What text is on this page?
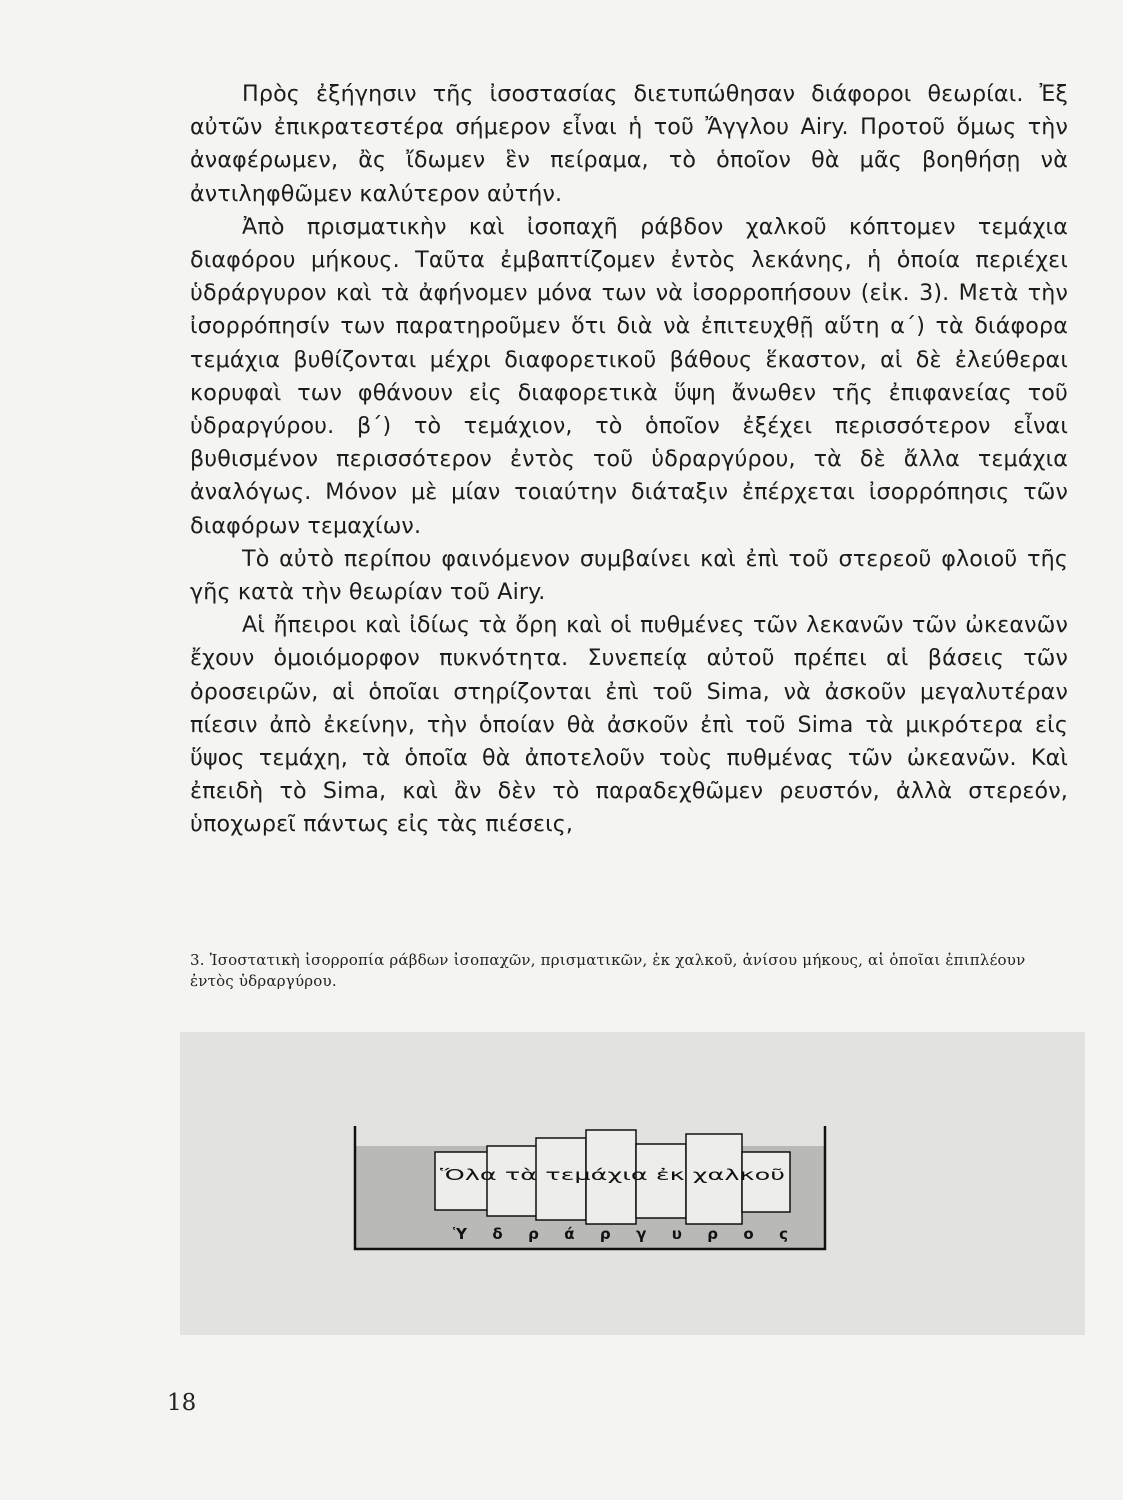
Πρὸς ἐξήγησιν τῆς ἰσοστασίας διετυπώθησαν διάφοροι θεωρίαι. Ἐξ αὐτῶν ἐπικρατεστέρα σήμερον εἶναι ἡ τοῦ Ἄγγλου Airy. Προτοῦ ὅμως τὴν ἀναφέρωμεν, ἂς ἴδωμεν ἓν πείραμα, τὸ ὁποῖον θὰ μᾶς βοηθήσῃ νὰ ἀντιληφθῶμεν καλύτερον αὐτήν.

Ἀπὸ πρισματικὴν καὶ ἰσοπαχῆ ράβδον χαλκοῦ κόπτομεν τεμάχια διαφόρου μήκους. Ταῦτα ἐμβαπτίζομεν ἐντὸς λεκάνης, ἡ ὁποία περιέχει ὑδράργυρον καὶ τὰ ἀφήνομεν μόνα των νὰ ἰσορροπήσουν (εἰκ. 3). Μετὰ τὴν ἰσορρόπησίν των παρατηροῦμεν ὅτι διὰ νὰ ἐπιτευχθῇ αὕτη α΄) τὰ διάφορα τεμάχια βυθίζονται μέχρι διαφορετικοῦ βάθους ἕκαστον, αἱ δὲ ἐλεύθεραι κορυφαὶ των φθάνουν εἰς διαφορετικὰ ὕψη ἄνωθεν τῆς ἐπιφανείας τοῦ ὑδραργύρου. β΄) τὸ τεμάχιον, τὸ ὁποῖον ἐξέχει περισσότερον εἶναι βυθισμένον περισσότερον ἐντὸς τοῦ ὑδραργύρου, τὰ δὲ ἄλλα τεμάχια ἀναλόγως. Μόνον μὲ μίαν τοιαύτην διάταξιν ἐπέρχεται ἰσορρόπησις τῶν διαφόρων τεμαχίων.

Τὸ αὐτὸ περίπου φαινόμενον συμβαίνει καὶ ἐπὶ τοῦ στερεοῦ φλοιοῦ τῆς γῆς κατὰ τὴν θεωρίαν τοῦ Airy.

Αἱ ἤπειροι καὶ ἰδίως τὰ ὄρη καὶ οἱ πυθμένες τῶν λεκανῶν τῶν ὠκεανῶν ἔχουν ὁμοιόμορφον πυκνότητα. Συνεπείᾳ αὐτοῦ πρέπει αἱ βάσεις τῶν ὀροσειρῶν, αἱ ὁποῖαι στηρίζονται ἐπὶ τοῦ Sima, νὰ ἀσκοῦν μεγαλυτέραν πίεσιν ἀπὸ ἐκείνην, τὴν ὁποίαν θὰ ἀσκοῦν ἐπὶ τοῦ Sima τὰ μικρότερα εἰς ὕψος τεμάχη, τὰ ὁποῖα θὰ ἀποτελοῦν τοὺς πυθμένας τῶν ὠκεανῶν. Καὶ ἐπειδὴ τὸ Sima, καὶ ἂν δὲν τὸ παραδεχθῶμεν ρευστόν, ἀλλὰ στερεόν, ὑποχωρεῖ πάντως εἰς τὰς πιέσεις,

3. Ἰσοστατικὴ ἰσορροπία ράβδων ἰσοπαχῶν, πρισματικῶν, ἐκ χαλκοῦ, ἀνίσου μήκους, αἱ ὁποῖαι ἐπιπλέουν ἐντὸς ὑδραργύρου.

Ὅλα τὰ τεμάχια ἐκ χαλκοῦ
Ὑ δ ρ ά ρ γ υ ρ ο ς
18
